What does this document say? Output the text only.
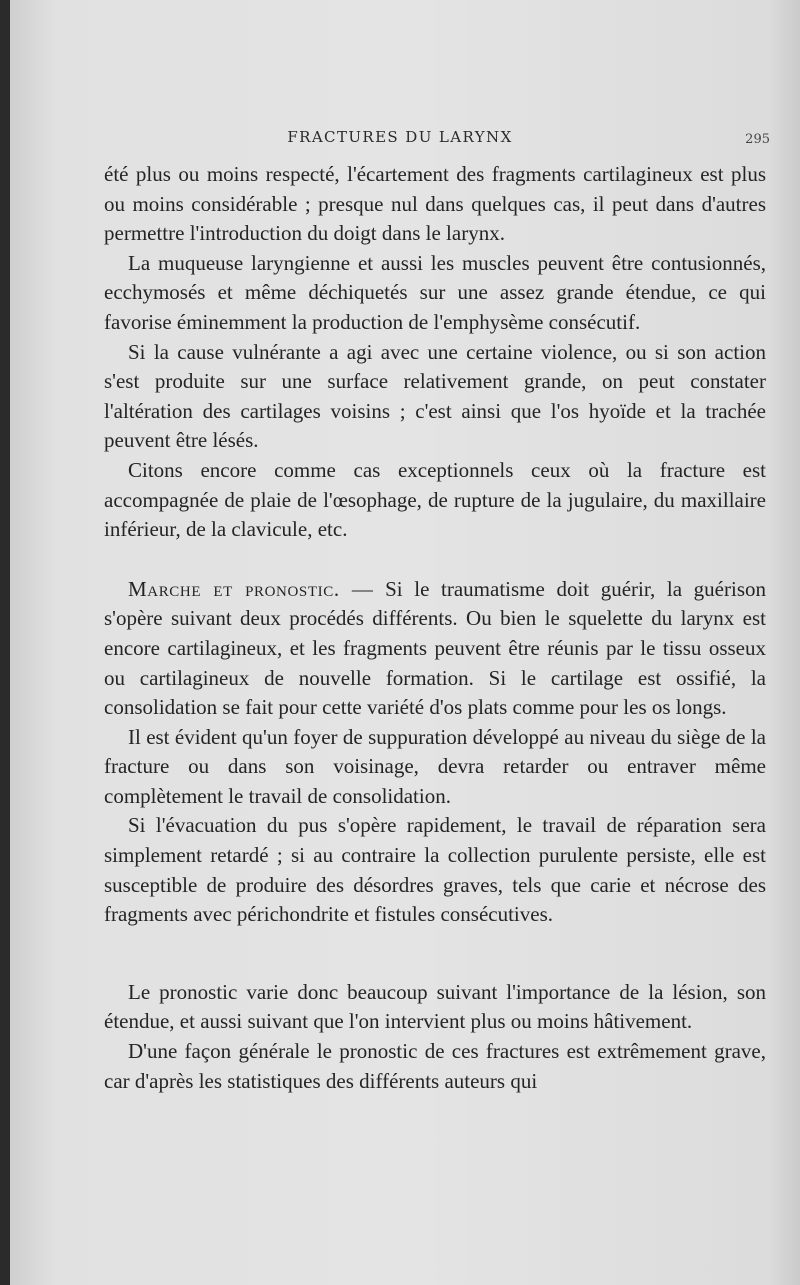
FRACTURES DU LARYNX	295

été plus ou moins respecté, l'écartement des fragments cartilagineux est plus ou moins considérable ; presque nul dans quelques cas, il peut dans d'autres permettre l'introduction du doigt dans le larynx.

La muqueuse laryngienne et aussi les muscles peuvent être contusionnés, ecchymosés et même déchiquetés sur une assez grande étendue, ce qui favorise éminemment la production de l'emphysème consécutif.

Si la cause vulnérante a agi avec une certaine violence, ou si son action s'est produite sur une surface relativement grande, on peut constater l'altération des cartilages voisins ; c'est ainsi que l'os hyoïde et la trachée peuvent être lésés.

Citons encore comme cas exceptionnels ceux où la fracture est accompagnée de plaie de l'œsophage, de rupture de la jugulaire, du maxillaire inférieur, de la clavicule, etc.

Marche et pronostic. — Si le traumatisme doit guérir, la guérison s'opère suivant deux procédés différents. Ou bien le squelette du larynx est encore cartilagineux, et les fragments peuvent être réunis par le tissu osseux ou cartilagineux de nouvelle formation. Si le cartilage est ossifié, la consolidation se fait pour cette variété d'os plats comme pour les os longs.

Il est évident qu'un foyer de suppuration développé au niveau du siège de la fracture ou dans son voisinage, devra retarder ou entraver même complètement le travail de consolidation.

Si l'évacuation du pus s'opère rapidement, le travail de réparation sera simplement retardé ; si au contraire la collection purulente persiste, elle est susceptible de produire des désordres graves, tels que carie et nécrose des fragments avec périchondrite et fistules consécutives.

Le pronostic varie donc beaucoup suivant l'importance de la lésion, son étendue, et aussi suivant que l'on intervient plus ou moins hâtivement.

D'une façon générale le pronostic de ces fractures est extrêmement grave, car d'après les statistiques des différents auteurs qui
